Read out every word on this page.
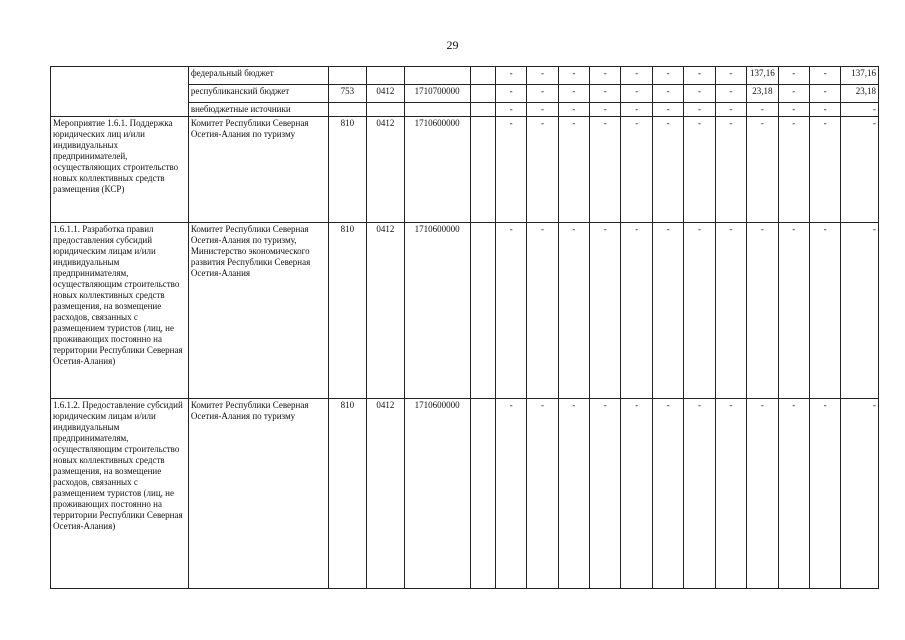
29
	федеральный бюджет					-	-	-	-	-	-	-	-	137,16	-	-	137,16
	республиканский бюджет	753	0412	1710700000		-	-	-	-	-	-	-	-	23,18	-	-	23,18
	внебюджетные источники					-	-	-	-	-	-	-	-	-	-	-	-
Мероприятие 1.6.1. Поддержка юридических лиц и/или индивидуальных предпринимателей, осуществляющих строительство новых коллективных средств размещения (КСР)	Комитет Республики Северная Осетия-Алания по туризму	810	0412	1710600000		-	-	-	-	-	-	-	-	-	-	-	-
1.6.1.1. Разработка правил предоставления субсидий юридическим лицам и/или индивидуальным предпринимателям, осуществляющим строительство новых коллективных средств размещения, на возмещение расходов, связанных с размещением туристов (лиц, не проживающих постоянно на территории Республики Северная Осетия-Алания)	Комитет Республики Северная Осетия-Алания по туризму, Министерство экономического развития Республики Северная Осетия-Алания	810	0412	1710600000		-	-	-	-	-	-	-	-	-	-	-	-
1.6.1.2. Предоставление субсидий юридическим лицам и/или индивидуальным предпринимателям, осуществляющим строительство новых коллективных средств размещения, на возмещение расходов, связанных с размещением туристов (лиц, не проживающих постоянно на территории Республики Северная Осетия-Алания)	Комитет Республики Северная Осетия-Алания по туризму	810	0412	1710600000		-	-	-	-	-	-	-	-	-	-	-	-
